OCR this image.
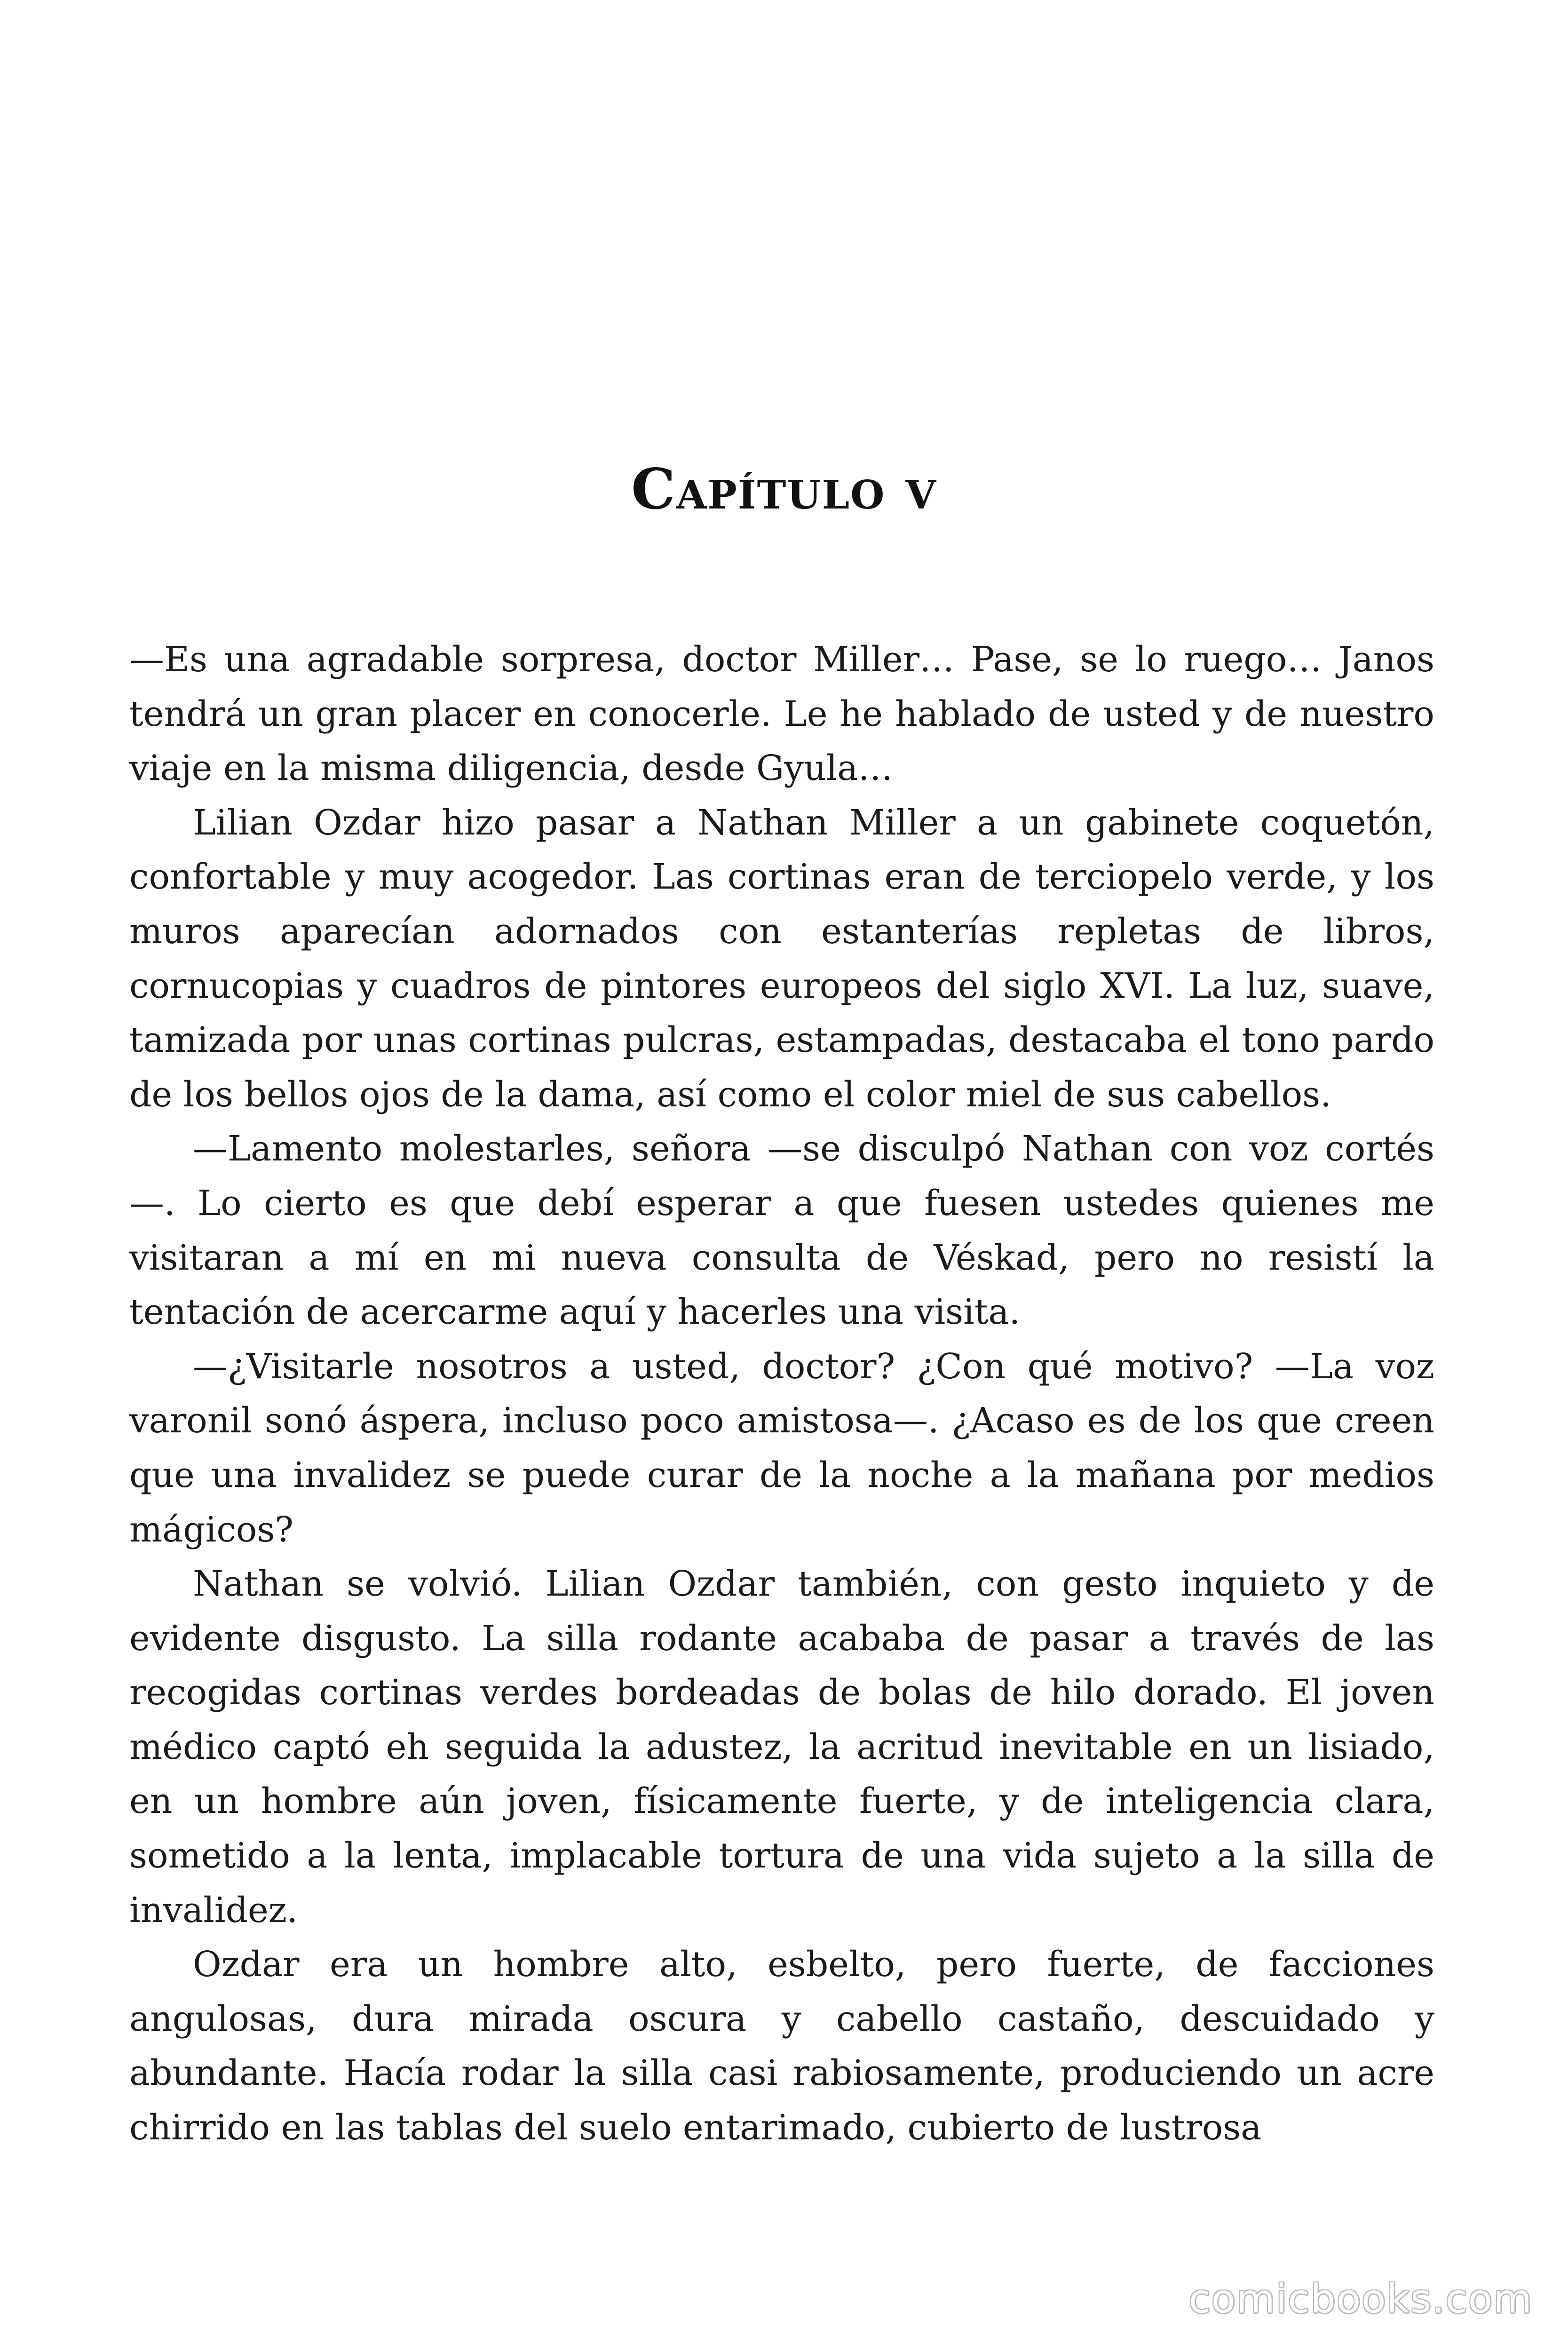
Capítulo v

—Es una agradable sorpresa, doctor Miller… Pase, se lo ruego… Janos tendrá un gran placer en conocerle. Le he hablado de usted y de nuestro viaje en la misma diligencia, desde Gyula…

Lilian Ozdar hizo pasar a Nathan Miller a un gabinete coquetón, confortable y muy acogedor. Las cortinas eran de terciopelo verde, y los muros aparecían adornados con estanterías repletas de libros, cornucopias y cuadros de pintores europeos del siglo XVI. La luz, suave, tamizada por unas cortinas pulcras, estampadas, destacaba el tono pardo de los bellos ojos de la dama, así como el color miel de sus cabellos.

—Lamento molestarles, señora —se disculpó Nathan con voz cortés—. Lo cierto es que debí esperar a que fuesen ustedes quienes me visitaran a mí en mi nueva consulta de Véskad, pero no resistí la tentación de acercarme aquí y hacerles una visita.

—¿Visitarle nosotros a usted, doctor? ¿Con qué motivo? —La voz varonil sonó áspera, incluso poco amistosa—. ¿Acaso es de los que creen que una invalidez se puede curar de la noche a la mañana por medios mágicos?

Nathan se volvió. Lilian Ozdar también, con gesto inquieto y de evidente disgusto. La silla rodante acababa de pasar a través de las recogidas cortinas verdes bordeadas de bolas de hilo dorado. El joven médico captó eh seguida la adustez, la acritud inevitable en un lisiado, en un hombre aún joven, físicamente fuerte, y de inteligencia clara, sometido a la lenta, implacable tortura de una vida sujeto a la silla de invalidez.

Ozdar era un hombre alto, esbelto, pero fuerte, de facciones angulosas, dura mirada oscura y cabello castaño, descuidado y abundante. Hacía rodar la silla casi rabiosamente, produciendo un acre chirrido en las tablas del suelo entarimado, cubierto de lustrosa

comicbooks.com
